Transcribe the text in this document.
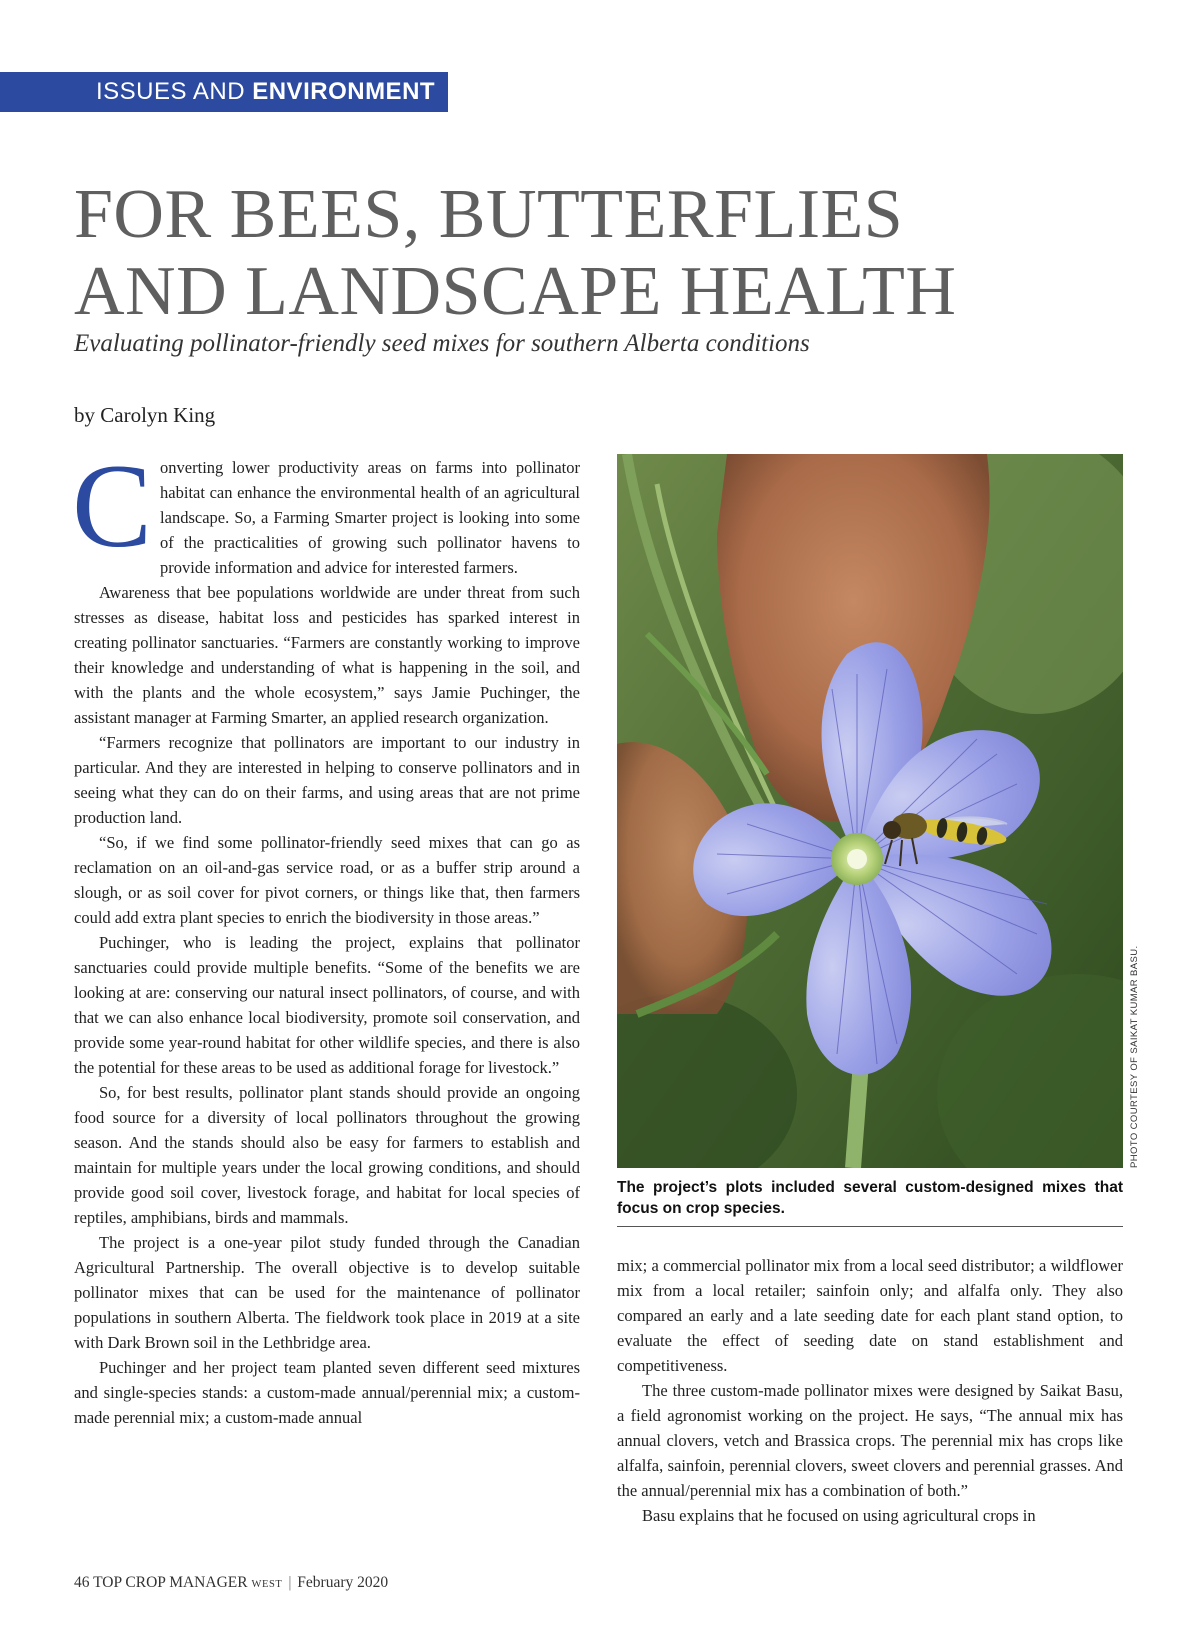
ISSUES AND ENVIRONMENT
FOR BEES, BUTTERFLIES
AND LANDSCAPE HEALTH

Evaluating pollinator-friendly seed mixes for southern Alberta conditions

by Carolyn King

Converting lower productivity areas on farms into pollinator habitat can enhance the environmental health of an agricultural landscape. So, a Farming Smarter project is looking into some of the practicalities of growing such pollinator havens to provide information and advice for interested farmers.

Awareness that bee populations worldwide are under threat from such stresses as disease, habitat loss and pesticides has sparked interest in creating pollinator sanctuaries. “Farmers are constantly working to improve their knowledge and understanding of what is happening in the soil, and with the plants and the whole ecosystem,” says Jamie Puchinger, the assistant manager at Farming Smarter, an applied research organization.

“Farmers recognize that pollinators are important to our industry in particular. And they are interested in helping to conserve pollinators and in seeing what they can do on their farms, and using areas that are not prime production land.

“So, if we find some pollinator-friendly seed mixes that can go as reclamation on an oil-and-gas service road, or as a buffer strip around a slough, or as soil cover for pivot corners, or things like that, then farmers could add extra plant species to enrich the biodiversity in those areas.”

Puchinger, who is leading the project, explains that pollinator sanctuaries could provide multiple benefits. “Some of the benefits we are looking at are: conserving our natural insect pollinators, of course, and with that we can also enhance local biodiversity, promote soil conservation, and provide some year-round habitat for other wildlife species, and there is also the potential for these areas to be used as additional forage for livestock.”

So, for best results, pollinator plant stands should provide an ongoing food source for a diversity of local pollinators throughout the growing season. And the stands should also be easy for farmers to establish and maintain for multiple years under the local growing conditions, and should provide good soil cover, livestock forage, and habitat for local species of reptiles, amphibians, birds and mammals.

The project is a one-year pilot study funded through the Canadian Agricultural Partnership. The overall objective is to develop suitable pollinator mixes that can be used for the maintenance of pollinator populations in southern Alberta. The fieldwork took place in 2019 at a site with Dark Brown soil in the Lethbridge area.

Puchinger and her project team planted seven different seed mixtures and single-species stands: a custom-made annual/perennial mix; a custom-made perennial mix; a custom-made annual

PHOTO COURTESY OF SAIKAT KUMAR BASU.
The project’s plots included several custom-designed mixes that focus on crop species.

mix; a commercial pollinator mix from a local seed distributor; a wildflower mix from a local retailer; sainfoin only; and alfalfa only. They also compared an early and a late seeding date for each plant stand option, to evaluate the effect of seeding date on stand establishment and competitiveness.

The three custom-made pollinator mixes were designed by Saikat Basu, a field agronomist working on the project. He says, “The annual mix has annual clovers, vetch and Brassica crops. The perennial mix has crops like alfalfa, sainfoin, perennial clovers, sweet clovers and perennial grasses. And the annual/perennial mix has a combination of both.”

Basu explains that he focused on using agricultural crops in

46 TOP CROP MANAGER WEST | February 2020
